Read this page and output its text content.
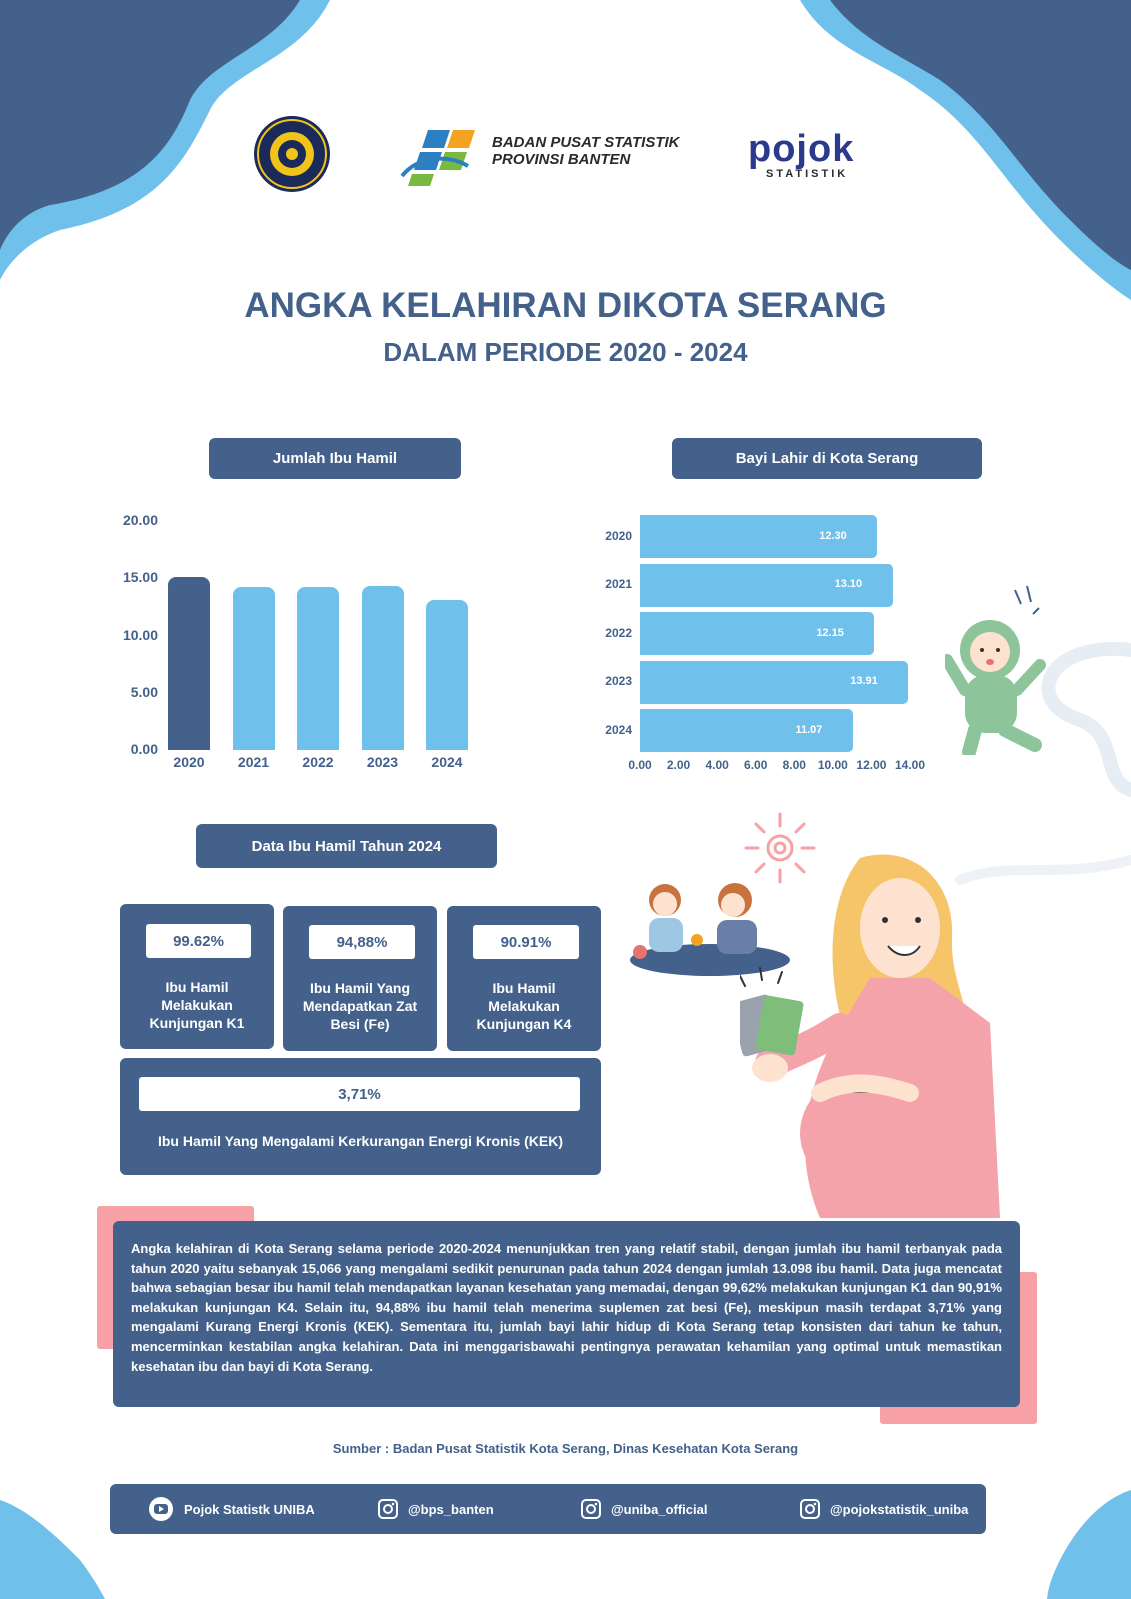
BADAN PUSAT STATISTIK
PROVINSI BANTEN	pojok
STATISTIK
ANGKA KELAHIRAN DIKOTA SERANG
DALAM PERIODE 2020 - 2024
Jumlah Ibu Hamil
20.00
15.00
10.00
5.00
0.00
2020	2021	2022	2023	2024
Bayi Lahir di Kota Serang
2020	12.30
2021	13.10
2022	12.15
2023	13.91
2024	11.07
0.00	2.00	4.00	6.00	8.00 10.00 12.00 14.00
Data Ibu Hamil Tahun 2024
99.62%
Ibu Hamil Melakukan Kunjungan K1
94,88%
Ibu Hamil Yang Mendapatkan Zat Besi (Fe)
90.91%
Ibu Hamil Melakukan Kunjungan K4
3,71%
Ibu Hamil Yang Mengalami Kerkurangan Energi Kronis (KEK)
Angka kelahiran di Kota Serang selama periode 2020-2024 menunjukkan tren yang relatif stabil, dengan jumlah ibu hamil terbanyak pada tahun 2020 yaitu sebanyak 15,066 yang mengalami sedikit penurunan pada tahun 2024 dengan jumlah 13.098 ibu hamil. Data juga mencatat bahwa sebagian besar ibu hamil telah mendapatkan layanan kesehatan yang memadai, dengan 99,62% melakukan kunjungan K1 dan 90,91% melakukan kunjungan K4. Selain itu, 94,88% ibu hamil telah menerima suplemen zat besi (Fe), meskipun masih terdapat 3,71% yang mengalami Kurang Energi Kronis (KEK). Sementara itu, jumlah bayi lahir hidup di Kota Serang tetap konsisten dari tahun ke tahun, mencerminkan kestabilan angka kelahiran. Data ini menggarisbawahi pentingnya perawatan kehamilan yang optimal untuk memastikan kesehatan ibu dan bayi di Kota Serang.
Sumber : Badan Pusat Statistik Kota Serang, Dinas Kesehatan Kota Serang
Pojok Statistk UNIBA	@bps_banten	@uniba_official	@pojokstatistik_uniba
